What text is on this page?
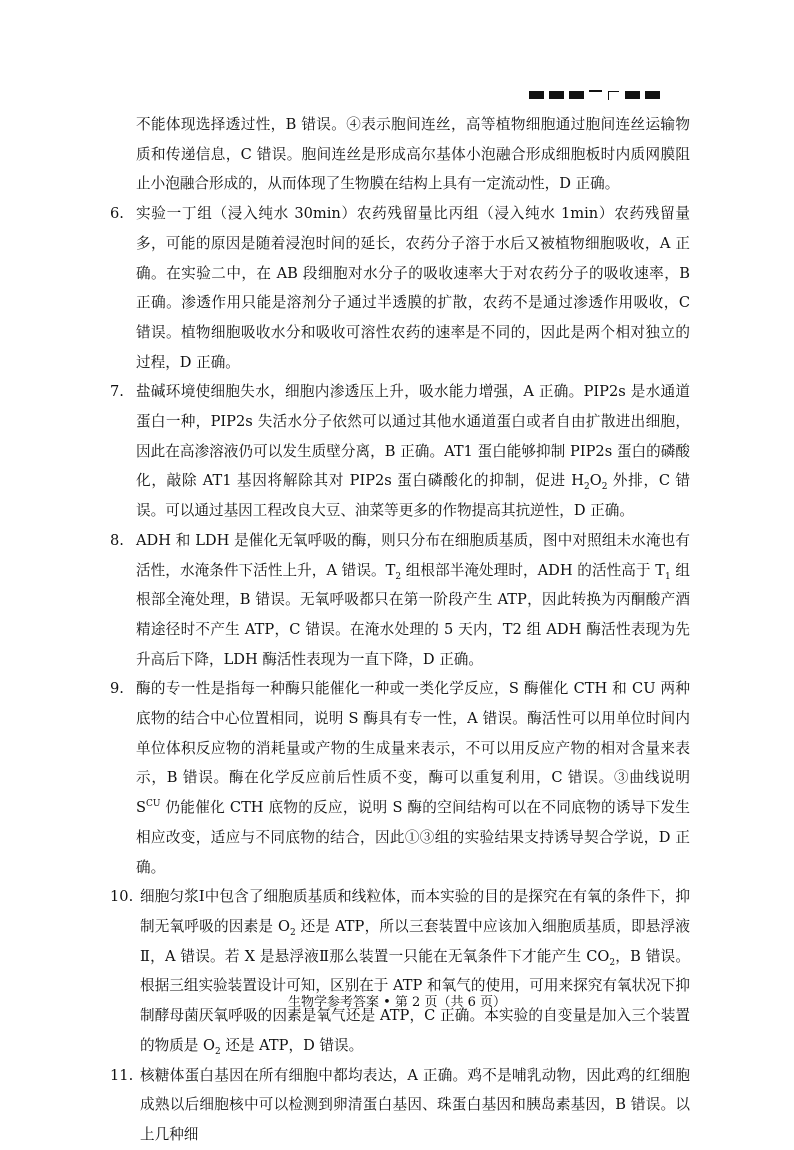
不能体现选择透过性，B 错误。④表示胞间连丝，高等植物细胞通过胞间连丝运输物质和传递信息，C 错误。胞间连丝是形成高尔基体小泡融合形成细胞板时内质网膜阻止小泡融合形成的，从而体现了生物膜在结构上具有一定流动性，D 正确。

6. 实验一丁组（浸入纯水 30min）农药残留量比丙组（浸入纯水 1min）农药残留量多，可能的原因是随着浸泡时间的延长，农药分子溶于水后又被植物细胞吸收，A 正确。在实验二中，在 AB 段细胞对水分子的吸收速率大于对农药分子的吸收速率，B 正确。渗透作用只能是溶剂分子通过半透膜的扩散，农药不是通过渗透作用吸收，C 错误。植物细胞吸收水分和吸收可溶性农药的速率是不同的，因此是两个相对独立的过程，D 正确。
7. 盐碱环境使细胞失水，细胞内渗透压上升，吸水能力增强，A 正确。PIP2s 是水通道蛋白一种，PIP2s 失活水分子依然可以通过其他水通道蛋白或者自由扩散进出细胞，因此在高渗溶液仍可以发生质壁分离，B 正确。AT1 蛋白能够抑制 PIP2s 蛋白的磷酸化，敲除 AT1 基因将解除其对 PIP2s 蛋白磷酸化的抑制，促进 $H_2O_2$ 外排，C 错误。可以通过基因工程改良大豆、油菜等更多的作物提高其抗逆性，D 正确。
8. ADH 和 LDH 是催化无氧呼吸的酶，则只分布在细胞质基质，图中对照组未水淹也有活性，水淹条件下活性上升，A 错误。$T_2$ 组根部半淹处理时，ADH 的活性高于 $T_1$ 组根部全淹处理，B 错误。无氧呼吸都只在第一阶段产生 ATP，因此转换为丙酮酸产酒精途径时不产生 ATP，C 错误。在淹水处理的 5 天内，T2 组 ADH 酶活性表现为先升高后下降，LDH 酶活性表现为一直下降，D 正确。
9. 酶的专一性是指每一种酶只能催化一种或一类化学反应，S 酶催化 CTH 和 CU 两种底物的结合中心位置相同，说明 S 酶具有专一性，A 错误。酶活性可以用单位时间内单位体积反应物的消耗量或产物的生成量来表示，不可以用反应产物的相对含量来表示，B 错误。酶在化学反应前后性质不变，酶可以重复利用，C 错误。③曲线说明 $S^{CU}$ 仍能催化 CTH 底物的反应，说明 S 酶的空间结构可以在不同底物的诱导下发生相应改变，适应与不同底物的结合，因此①③组的实验结果支持诱导契合学说，D 正确。
10. 细胞匀浆Ⅰ中包含了细胞质基质和线粒体，而本实验的目的是探究在有氧的条件下，抑制无氧呼吸的因素是 $O_2$ 还是 ATP，所以三套装置中应该加入细胞质基质，即悬浮液Ⅱ，A 错误。若 X 是悬浮液Ⅱ那么装置一只能在无氧条件下才能产生 $CO_2$，B 错误。根据三组实验装置设计可知，区别在于 ATP 和氧气的使用，可用来探究有氧状况下抑制酵母菌厌氧呼吸的因素是氧气还是 ATP，C 正确。本实验的自变量是加入三个装置的物质是 $O_2$ 还是 ATP，D 错误。
11. 核糖体蛋白基因在所有细胞中都均表达，A 正确。鸡不是哺乳动物，因此鸡的红细胞成熟以后细胞核中可以检测到卵清蛋白基因、珠蛋白基因和胰岛素基因，B 错误。以上几种细
生物学参考答案 • 第 2 页（共 6 页）
